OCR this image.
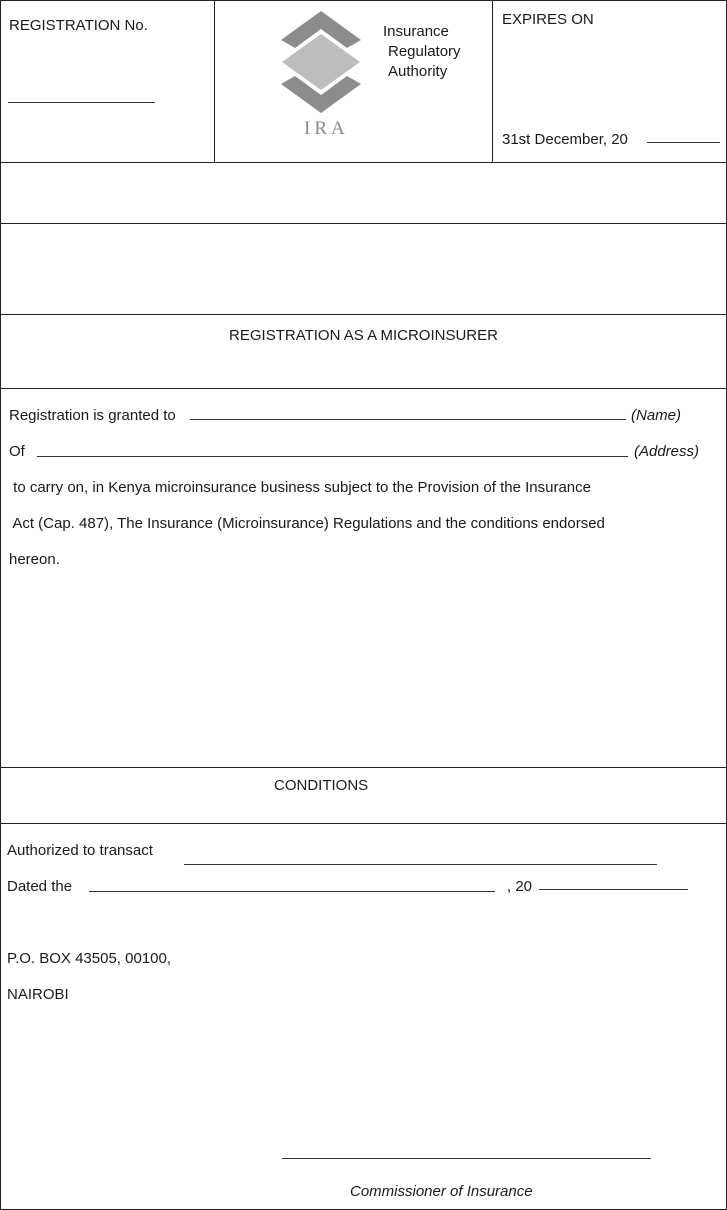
REGISTRATION No.
IRA
Insurance
Regulatory
Authority
EXPIRES ON
31st December, 20
REGISTRATION AS A MICROINSURER
Registration is granted to	(Name)
Of	(Address)
to carry on, in Kenya microinsurance business subject to the Provision of the Insurance
Act (Cap. 487), The Insurance (Microinsurance) Regulations and the conditions endorsed
hereon.
CONDITIONS
Authorized to transact
Dated the	, 20
P.O. BOX 43505, 00100,
NAIROBI
Commissioner of Insurance
